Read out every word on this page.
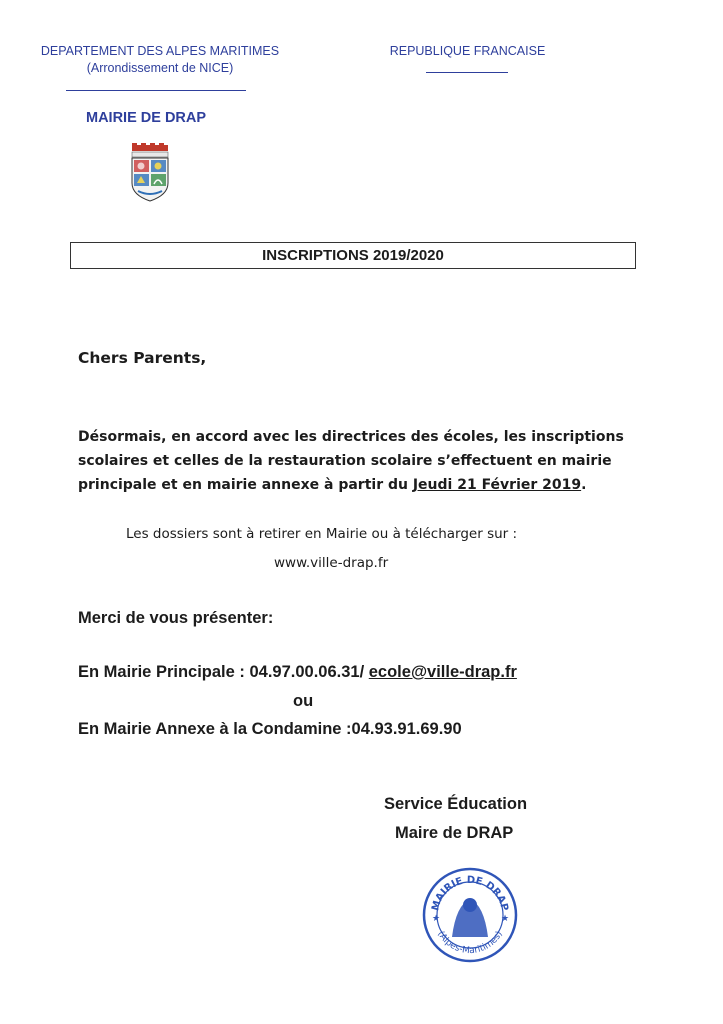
DEPARTEMENT DES ALPES MARITIMES
(Arrondissement de NICE)
REPUBLIQUE FRANCAISE
MAIRIE DE DRAP
INSCRIPTIONS 2019/2020
Chers Parents,
Désormais, en accord avec les directrices des écoles, les inscriptions
scolaires et celles de la restauration scolaire s’effectuent en mairie
principale et en mairie annexe à partir du Jeudi 21 Février 2019.
Les dossiers sont à retirer en Mairie ou à télécharger sur :
www.ville-drap.fr
Merci de vous présenter:
En Mairie Principale : 04.97.00.06.31/ ecole@ville-drap.fr
ou
En Mairie Annexe à la Condamine :04.93.91.69.90
Service Éducation
Maire de DRAP
MAIRIE DE DRAP
(Alpes-Maritimes)
★	★
